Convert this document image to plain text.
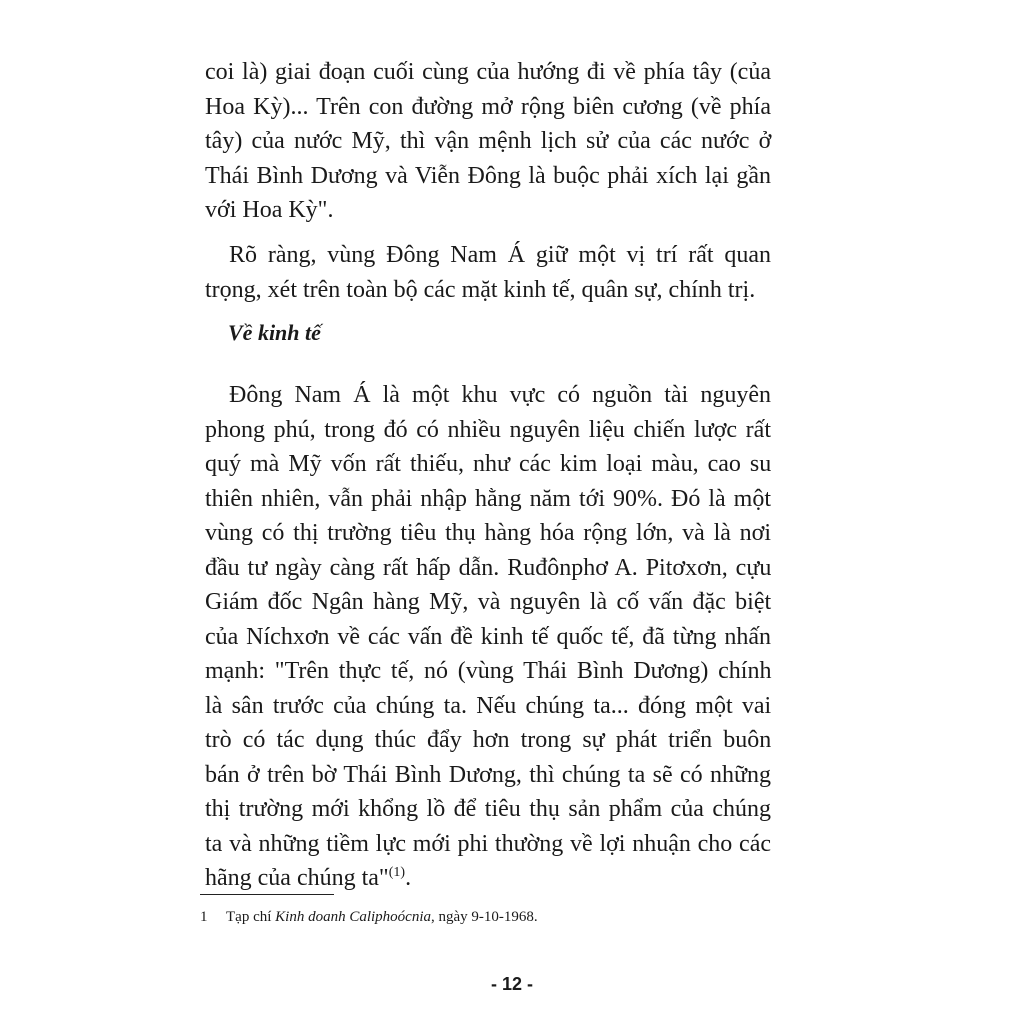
coi là) giai đoạn cuối cùng của hướng đi về phía tây (của
Hoa Kỳ)... Trên con đường mở rộng biên cương (về phía
tây) của nước Mỹ, thì vận mệnh lịch sử của các nước ở
Thái Bình Dương và Viễn Đông là buộc phải xích lại gần
với Hoa Kỳ".
Rõ ràng, vùng Đông Nam Á giữ một vị trí rất quan
trọng, xét trên toàn bộ các mặt kinh tế, quân sự, chính trị.
Về kinh tế
Đông Nam Á là một khu vực có nguồn tài nguyên
phong phú, trong đó có nhiều nguyên liệu chiến lược rất
quý mà Mỹ vốn rất thiếu, như các kim loại màu, cao su
thiên nhiên, vẫn phải nhập hằng năm tới 90%. Đó là một
vùng có thị trường tiêu thụ hàng hóa rộng lớn, và là nơi
đầu tư ngày càng rất hấp dẫn. Ruđônphơ A. Pitơxơn, cựu
Giám đốc Ngân hàng Mỹ, và nguyên là cố vấn đặc biệt
của Níchxơn về các vấn đề kinh tế quốc tế, đã từng nhấn
mạnh: "Trên thực tế, nó (vùng Thái Bình Dương) chính
là sân trước của chúng ta. Nếu chúng ta... đóng một vai
trò có tác dụng thúc đẩy hơn trong sự phát triển buôn
bán ở trên bờ Thái Bình Dương, thì chúng ta sẽ có những
thị trường mới khổng lồ để tiêu thụ sản phẩm của chúng
ta và những tiềm lực mới phi thường về lợi nhuận cho các
hãng của chúng ta"$^{(1)}$.
1 Tạp chí Kinh doanh Caliphoócnia, ngày 9-10-1968.
- 12 -
